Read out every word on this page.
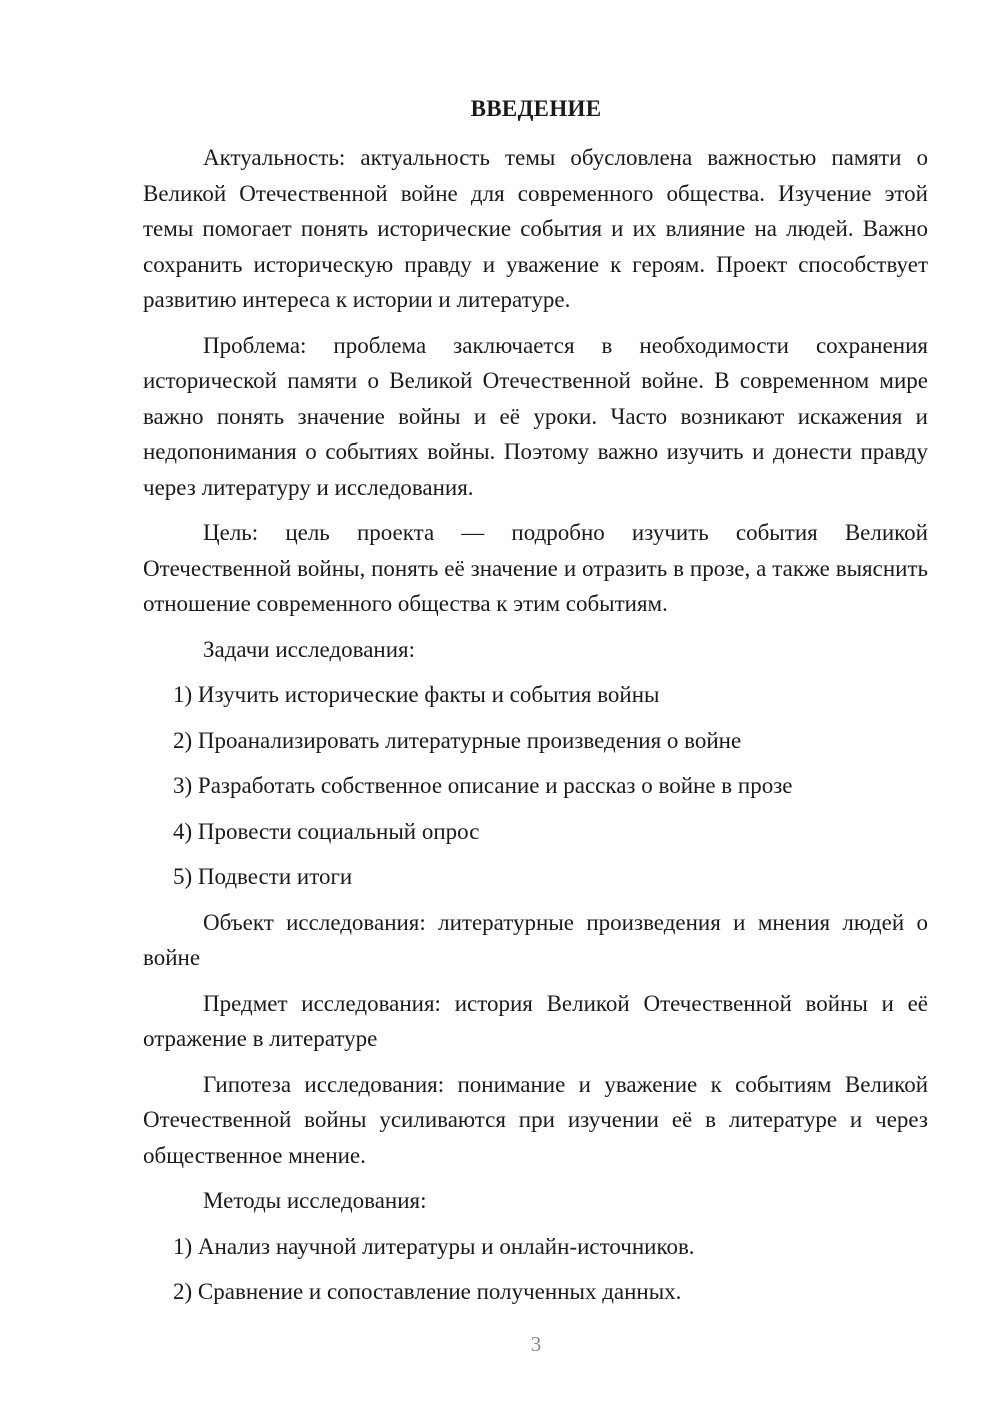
ВВЕДЕНИЕ

Актуальность: актуальность темы обусловлена важностью памяти о Великой Отечественной войне для современного общества. Изучение этой темы помогает понять исторические события и их влияние на людей. Важно сохранить историческую правду и уважение к героям. Проект способствует развитию интереса к истории и литературе.

Проблема: проблема заключается в необходимости сохранения исторической памяти о Великой Отечественной войне. В современном мире важно понять значение войны и её уроки. Часто возникают искажения и недопонимания о событиях войны. Поэтому важно изучить и донести правду через литературу и исследования.

Цель: цель проекта — подробно изучить события Великой Отечественной войны, понять её значение и отразить в прозе, а также выяснить отношение современного общества к этим событиям.

Задачи исследования:

1) Изучить исторические факты и события войны
2) Проанализировать литературные произведения о войне
3) Разработать собственное описание и рассказ о войне в прозе
4) Провести социальный опрос
5) Подвести итоги

Объект исследования: литературные произведения и мнения людей о войне

Предмет исследования: история Великой Отечественной войны и её отражение в литературе

Гипотеза исследования: понимание и уважение к событиям Великой Отечественной войны усиливаются при изучении её в литературе и через общественное мнение.

Методы исследования:

1) Анализ научной литературы и онлайн-источников.
2) Сравнение и сопоставление полученных данных.
3
